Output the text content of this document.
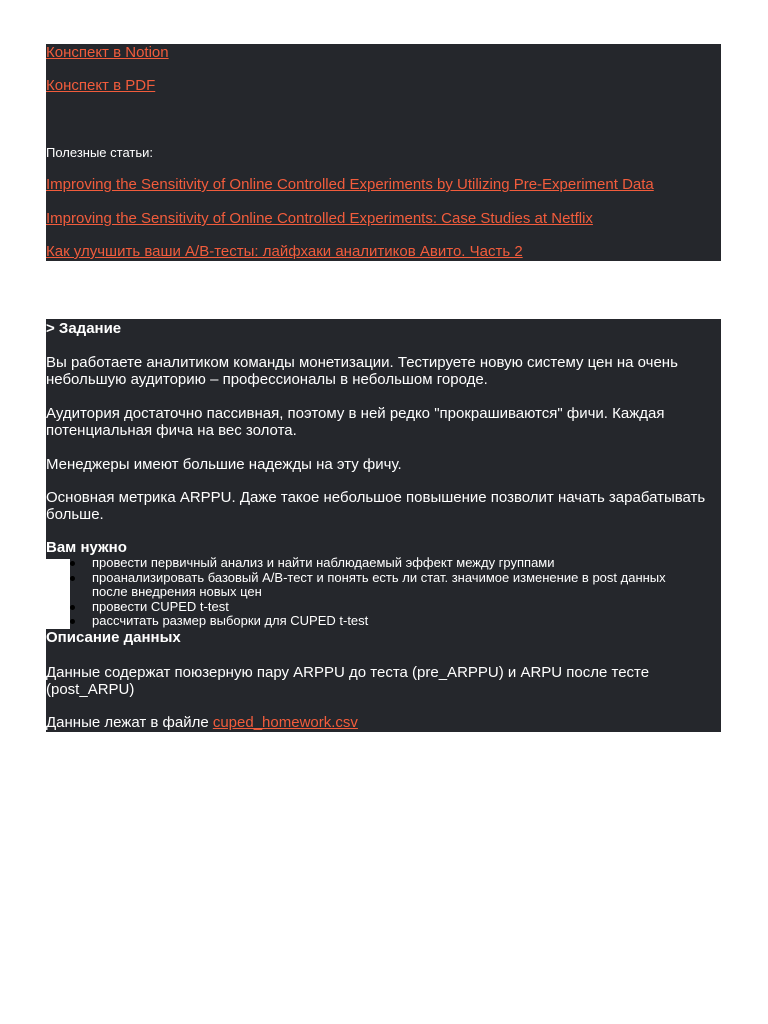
Конспект в Notion
Конспект в PDF
Полезные статьи:
Improving the Sensitivity of Online Controlled Experiments by Utilizing Pre-Experiment Data
Improving the Sensitivity of Online Controlled Experiments: Case Studies at Netflix
Как улучшить ваши A/B-тесты: лайфхаки аналитиков Авито. Часть 2
> Задание
Вы работаете аналитиком команды монетизации. Тестируете новую систему цен на очень небольшую аудиторию – профессионалы в небольшом городе.
Аудитория достаточно пассивная, поэтому в ней редко "прокрашиваются" фичи. Каждая потенциальная фича на вес золота.
Менеджеры имеют большие надежды на эту фичу.
Основная метрика ARPPU. Даже такое небольшое повышение позволит начать зарабатывать больше.
Вам нужно
провести первичный анализ и найти наблюдаемый эффект между группами
проанализировать базовый A/B-тест и понять есть ли стат. значимое изменение в post данных после внедрения новых цен
провести CUPED t-test
рассчитать размер выборки для CUPED t-test
Описание данных
Данные содержат поюзерную пару ARPPU до теста (pre_ARPPU) и ARPU после тесте (post_ARPU)
Данные лежат в файле cuped_homework.csv
